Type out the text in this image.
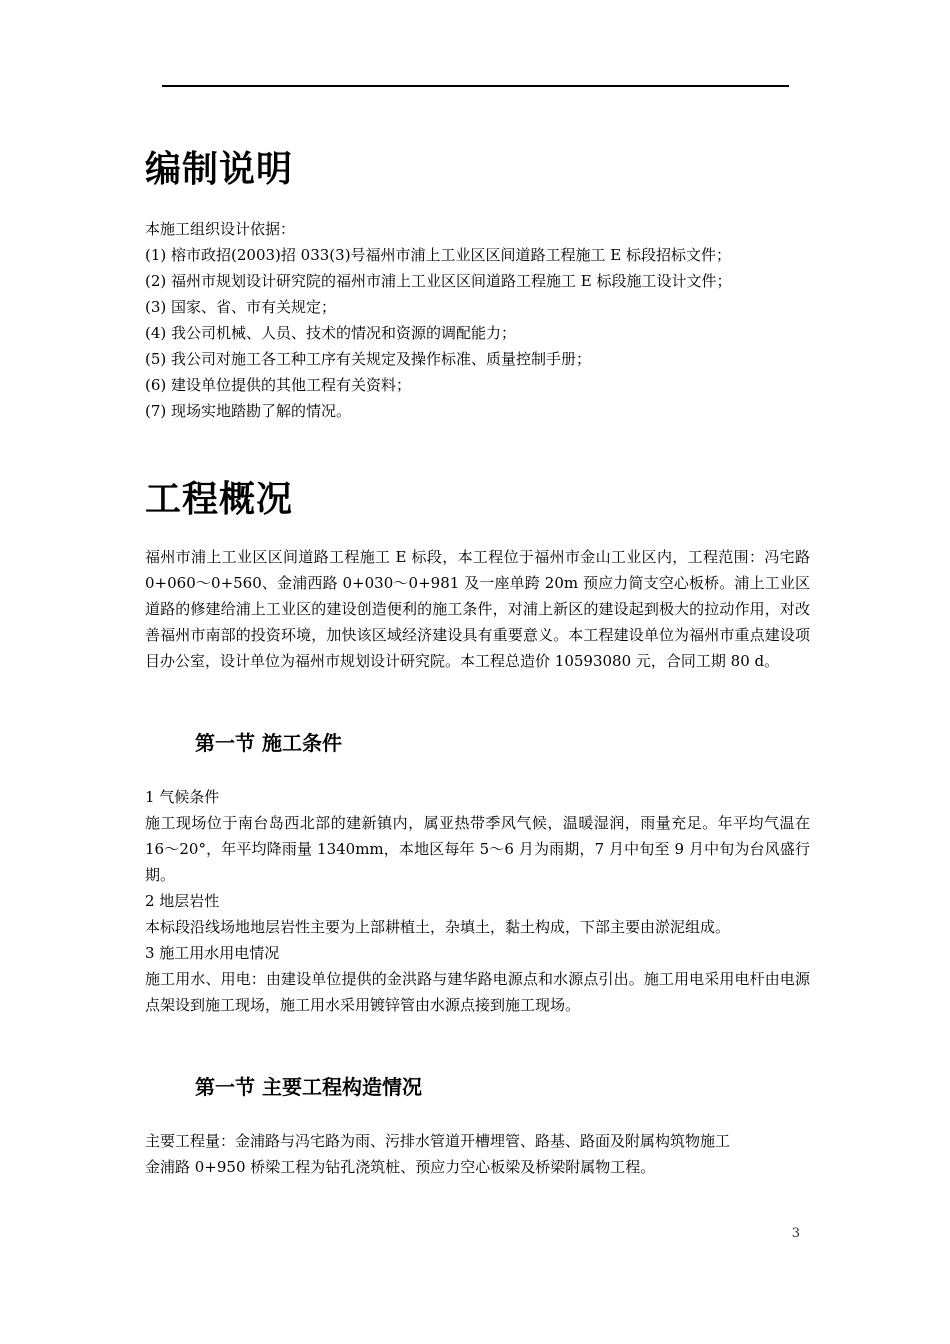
编制说明

本施工组织设计依据：

(1) 榕市政招(2003)招 033(3)号福州市浦上工业区区间道路工程施工 E 标段招标文件；
(2) 福州市规划设计研究院的福州市浦上工业区区间道路工程施工 E 标段施工设计文件；
(3) 国家、省、市有关规定；
(4) 我公司机械、人员、技术的情况和资源的调配能力；
(5) 我公司对施工各工种工序有关规定及操作标准、质量控制手册；
(6) 建设单位提供的其他工程有关资料；
(7) 现场实地踏勘了解的情况。
工程概况

福州市浦上工业区区间道路工程施工 E 标段，本工程位于福州市金山工业区内，工程范围：冯宅路 0+060～0+560、金浦西路 0+030～0+981 及一座单跨 20m 预应力简支空心板桥。浦上工业区道路的修建给浦上工业区的建设创造便利的施工条件，对浦上新区的建设起到极大的拉动作用，对改善福州市南部的投资环境，加快该区域经济建设具有重要意义。本工程建设单位为福州市重点建设项目办公室，设计单位为福州市规划设计研究院。本工程总造价 10593080 元，合同工期 80 d。

第一节 施工条件

1 气候条件

施工现场位于南台岛西北部的建新镇内，属亚热带季风气候，温暖湿润，雨量充足。年平均气温在 16～20°，年平均降雨量 1340mm，本地区每年 5～6 月为雨期，7 月中旬至 9 月中旬为台风盛行期。

2 地层岩性

本标段沿线场地地层岩性主要为上部耕植土，杂填土，黏土构成，下部主要由淤泥组成。

3 施工用水用电情况

施工用水、用电：由建设单位提供的金洪路与建华路电源点和水源点引出。施工用电采用电杆由电源点架设到施工现场，施工用水采用镀锌管由水源点接到施工现场。

第一节 主要工程构造情况

主要工程量：金浦路与冯宅路为雨、污排水管道开槽埋管、路基、路面及附属构筑物施工

金浦路 0+950 桥梁工程为钻孔浇筑桩、预应力空心板梁及桥梁附属物工程。

3
